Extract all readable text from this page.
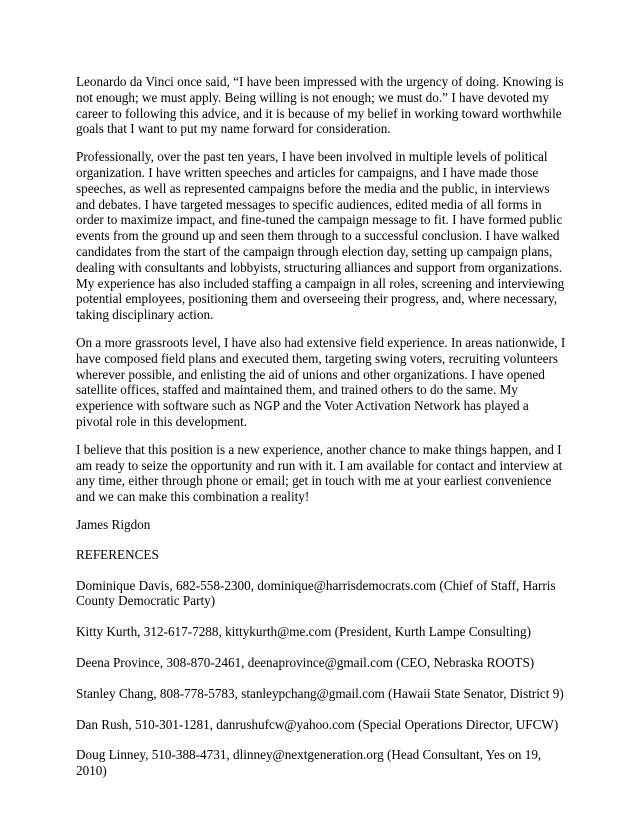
Leonardo da Vinci once said, “I have been impressed with the urgency of doing. Knowing is not enough; we must apply. Being willing is not enough; we must do.” I have devoted my career to following this advice, and it is because of my belief in working toward worthwhile goals that I want to put my name forward for consideration.

Professionally, over the past ten years, I have been involved in multiple levels of political organization. I have written speeches and articles for campaigns, and I have made those speeches, as well as represented campaigns before the media and the public, in interviews and debates. I have targeted messages to specific audiences, edited media of all forms in order to maximize impact, and fine-tuned the campaign message to fit. I have formed public events from the ground up and seen them through to a successful conclusion. I have walked candidates from the start of the campaign through election day, setting up campaign plans, dealing with consultants and lobbyists, structuring alliances and support from organizations. My experience has also included staffing a campaign in all roles, screening and interviewing potential employees, positioning them and overseeing their progress, and, where necessary, taking disciplinary action.

On a more grassroots level, I have also had extensive field experience. In areas nationwide, I have composed field plans and executed them, targeting swing voters, recruiting volunteers wherever possible, and enlisting the aid of unions and other organizations. I have opened satellite offices, staffed and maintained them, and trained others to do the same. My experience with software such as NGP and the Voter Activation Network has played a pivotal role in this development.

I believe that this position is a new experience, another chance to make things happen, and I am ready to seize the opportunity and run with it. I am available for contact and interview at any time, either through phone or email; get in touch with me at your earliest convenience and we can make this combination a reality!

James Rigdon

REFERENCES

Dominique Davis, 682-558-2300, dominique@harrisdemocrats.com (Chief of Staff, Harris County Democratic Party)

Kitty Kurth, 312-617-7288, kittykurth@me.com (President, Kurth Lampe Consulting)

Deena Province, 308-870-2461, deenaprovince@gmail.com (CEO, Nebraska ROOTS)

Stanley Chang, 808-778-5783, stanleypchang@gmail.com (Hawaii State Senator, District 9)

Dan Rush, 510-301-1281, danrushufcw@yahoo.com (Special Operations Director, UFCW)

Doug Linney, 510-388-4731, dlinney@nextgeneration.org (Head Consultant, Yes on 19, 2010)
